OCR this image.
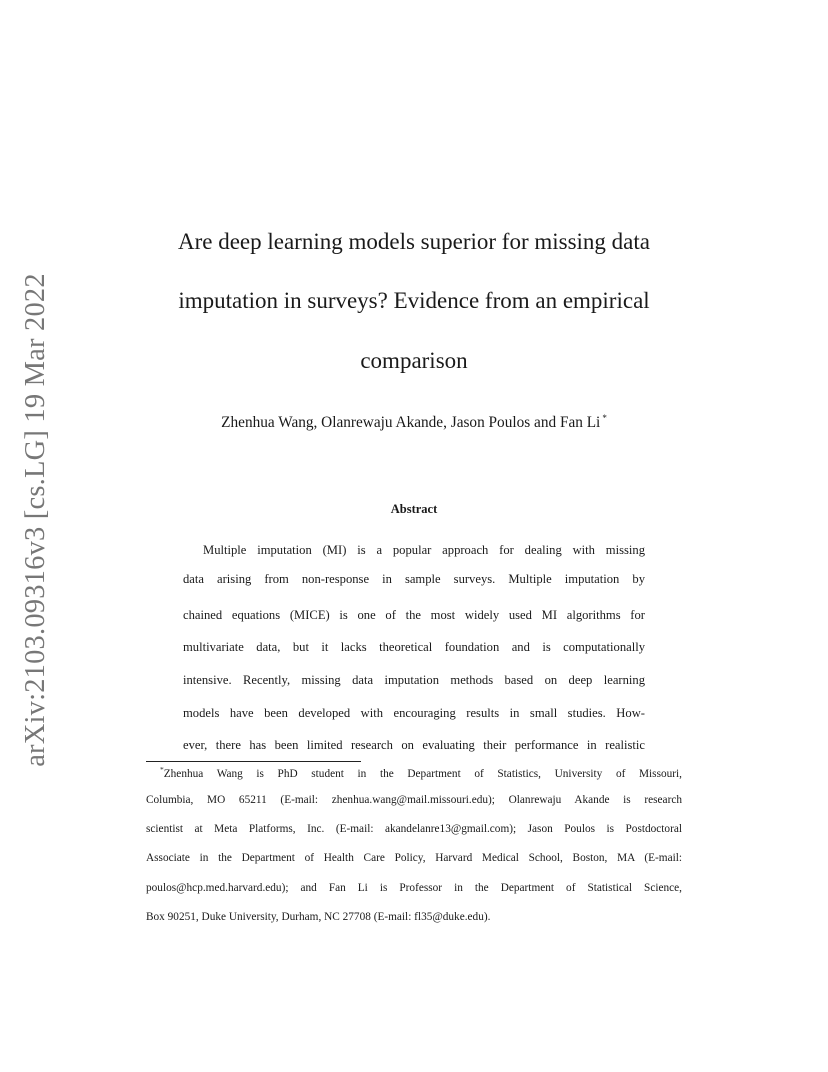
arXiv:2103.09316v3 [cs.LG] 19 Mar 2022
Are deep learning models superior for missing data
imputation in surveys? Evidence from an empirical
comparison
Zhenhua Wang, Olanrewaju Akande, Jason Poulos and Fan Li *
Abstract
Multiple imputation (MI) is a popular approach for dealing with missing
data arising from non-response in sample surveys. Multiple imputation by
chained equations (MICE) is one of the most widely used MI algorithms for
multivariate data, but it lacks theoretical foundation and is computationally
intensive. Recently, missing data imputation methods based on deep learning
models have been developed with encouraging results in small studies. How-
ever, there has been limited research on evaluating their performance in realistic
*Zhenhua Wang is PhD student in the Department of Statistics, University of Missouri,
Columbia, MO 65211 (E-mail: zhenhua.wang@mail.missouri.edu); Olanrewaju Akande is research
scientist at Meta Platforms, Inc. (E-mail: akandelanre13@gmail.com); Jason Poulos is Postdoctoral
Associate in the Department of Health Care Policy, Harvard Medical School, Boston, MA (E-mail:
poulos@hcp.med.harvard.edu); and Fan Li is Professor in the Department of Statistical Science,
Box 90251, Duke University, Durham, NC 27708 (E-mail: fl35@duke.edu).
